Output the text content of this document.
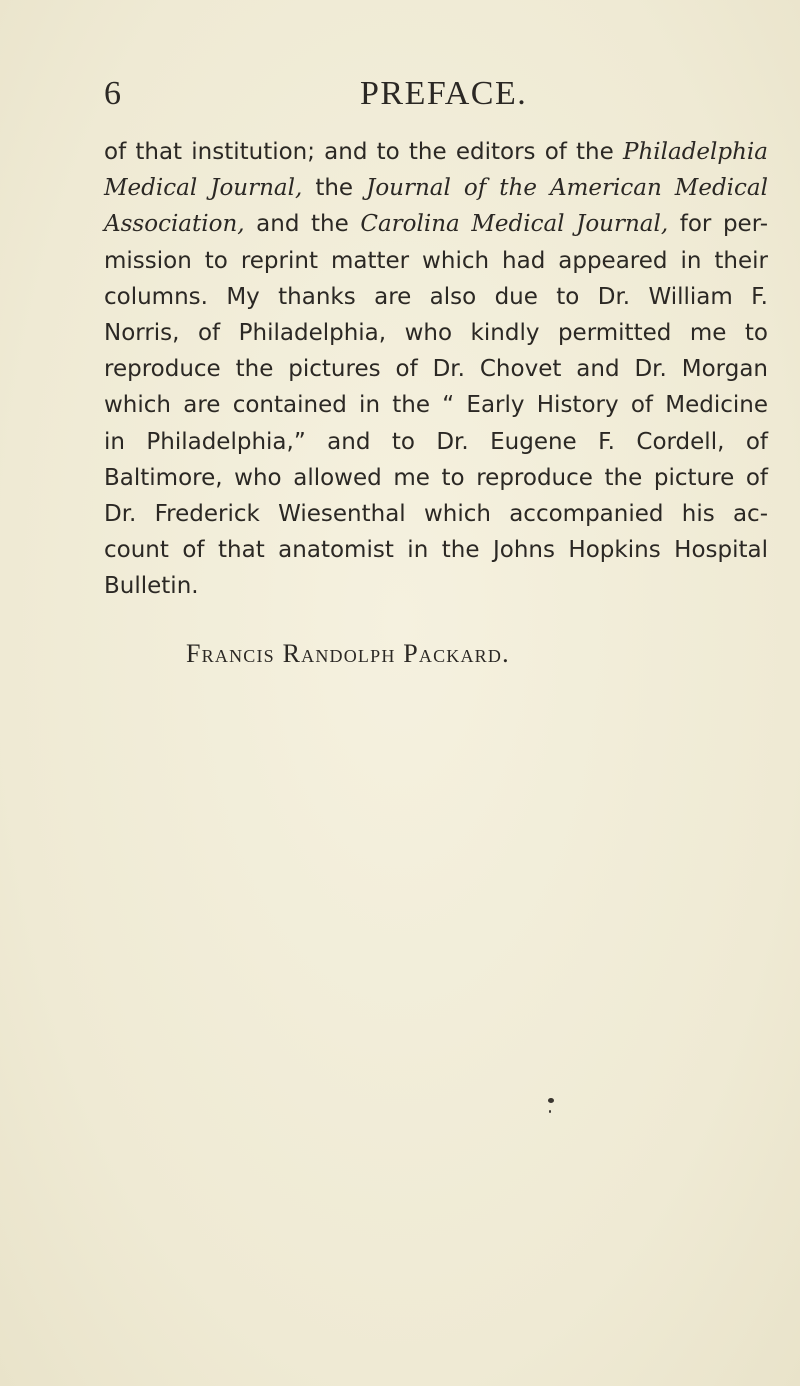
6	PREFACE.
of that institution; and to the editors of the Philadelphia
Medical Journal, the Journal of the American Medical
Association, and the Carolina Medical Journal, for per-
mission to reprint matter which had appeared in their
columns. My thanks are also due to Dr. William F.
Norris, of Philadelphia, who kindly permitted me to
reproduce the pictures of Dr. Chovet and Dr. Morgan
which are contained in the “ Early History of Medicine
in Philadelphia,” and to Dr. Eugene F. Cordell, of
Baltimore, who allowed me to reproduce the picture of
Dr. Frederick Wiesenthal which accompanied his ac-
count of that anatomist in the Johns Hopkins Hospital
Bulletin.
Francis Randolph Packard.
